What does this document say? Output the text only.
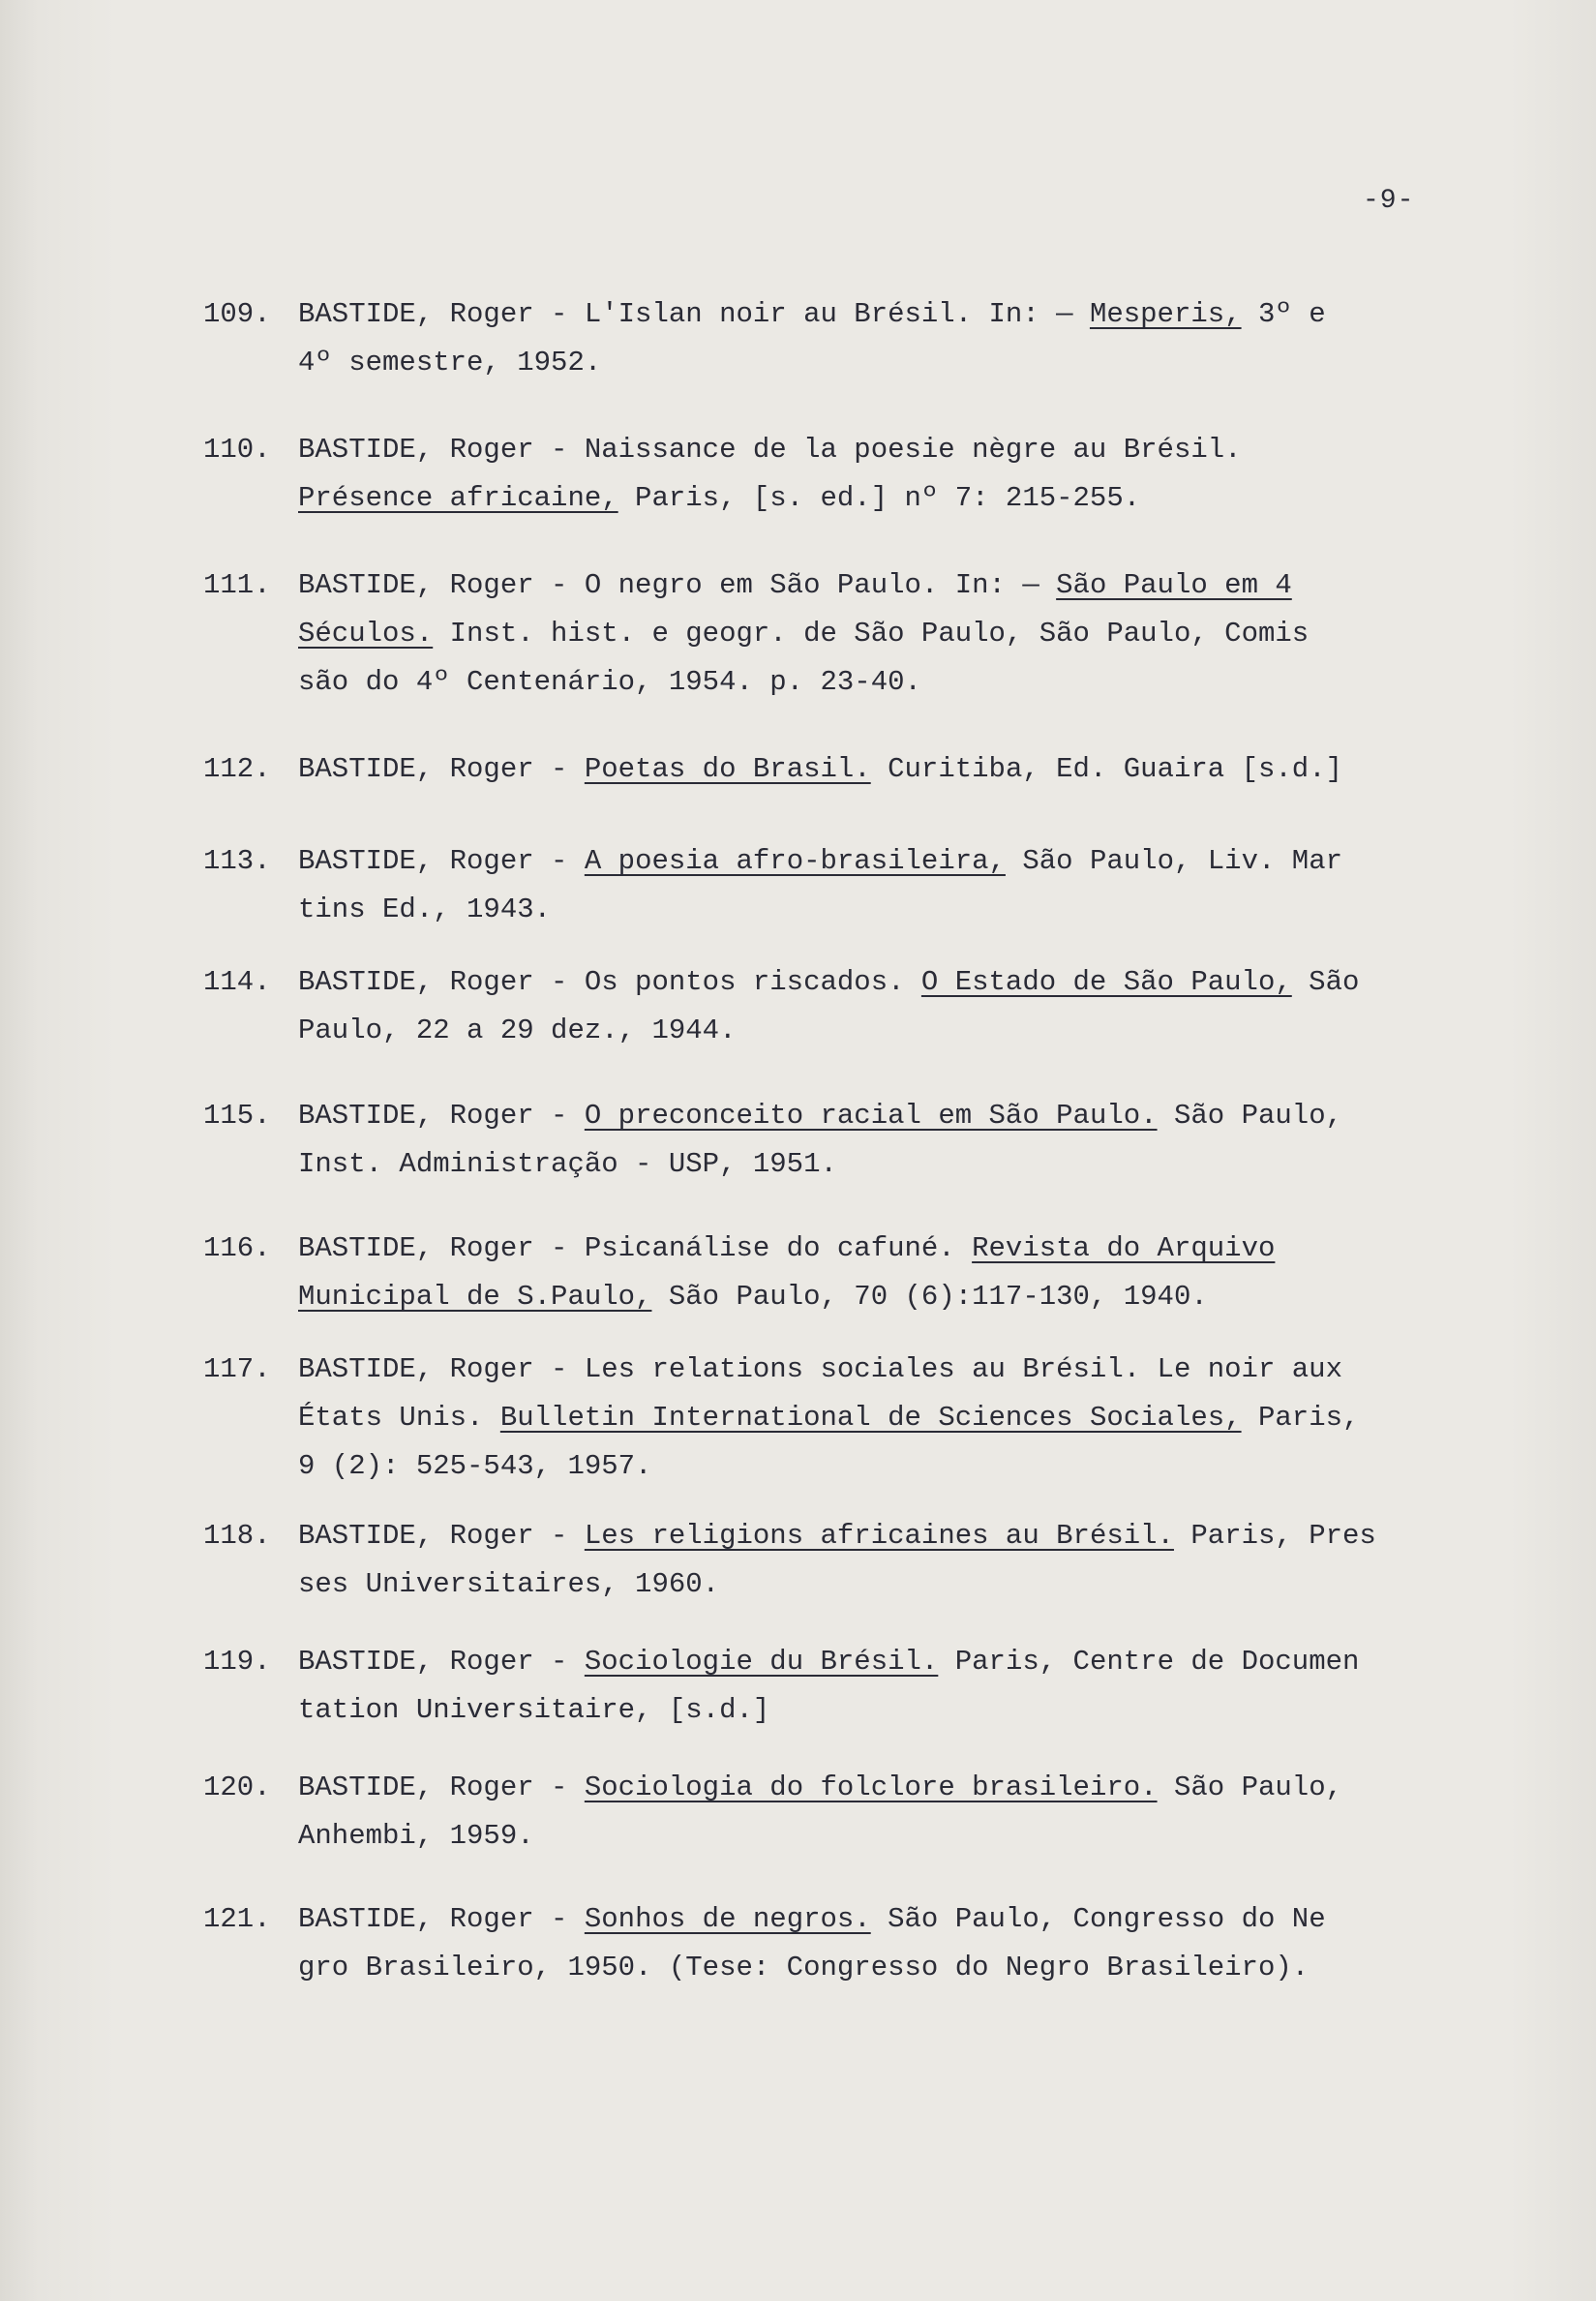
-9-
109. BASTIDE, Roger - L'Islan noir au Brésil. In: — Mesperis, 3º e
4º semestre, 1952.
110. BASTIDE, Roger - Naissance de la poesie nègre au Brésil.
Présence africaine, Paris, [s. ed.] nº 7: 215-255.
111. BASTIDE, Roger - O negro em São Paulo. In: — São Paulo em 4
Séculos. Inst. hist. e geogr. de São Paulo, São Paulo, Comis
são do 4º Centenário, 1954. p. 23-40.
112. BASTIDE, Roger - Poetas do Brasil. Curitiba, Ed. Guaira [s.d.]
113. BASTIDE, Roger - A poesia afro-brasileira, São Paulo, Liv. Mar
tins Ed., 1943.
114. BASTIDE, Roger - Os pontos riscados. O Estado de São Paulo, São
Paulo, 22 a 29 dez., 1944.
115. BASTIDE, Roger - O preconceito racial em São Paulo. São Paulo,
Inst. Administração - USP, 1951.
116. BASTIDE, Roger - Psicanálise do cafuné. Revista do Arquivo
Municipal de S.Paulo, São Paulo, 70 (6):117-130, 1940.
117. BASTIDE, Roger - Les relations sociales au Brésil. Le noir aux
États Unis. Bulletin International de Sciences Sociales, Paris,
9 (2): 525-543, 1957.
118. BASTIDE, Roger - Les religions africaines au Brésil. Paris, Pres
ses Universitaires, 1960.
119. BASTIDE, Roger - Sociologie du Brésil. Paris, Centre de Documen
tation Universitaire, [s.d.]
120. BASTIDE, Roger - Sociologia do folclore brasileiro. São Paulo,
Anhembi, 1959.
121. BASTIDE, Roger - Sonhos de negros. São Paulo, Congresso do Ne
gro Brasileiro, 1950. (Tese: Congresso do Negro Brasileiro).
